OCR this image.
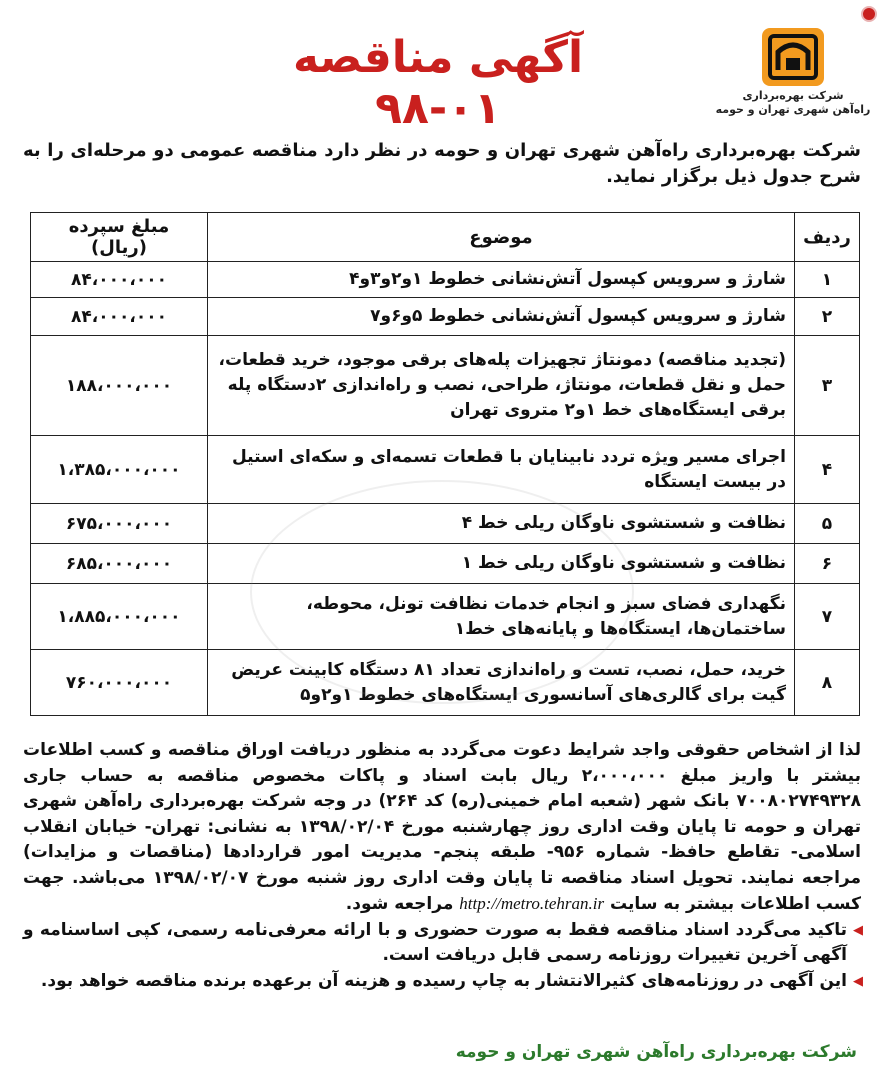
شرکت بهره‌برداری
راه‌آهن شهری تهران و حومه
آگهی مناقصه ۰۱-۹۸
شرکت بهره‌برداری راه‌آهن شهری تهران و حومه در نظر دارد مناقصه عمومی دو مرحله‌ای را به شرح جدول ذیل برگزار نماید.
ردیف	موضوع	مبلغ سپرده (ریال)
۱	شارژ و سرویس کپسول آتش‌نشانی خطوط ۱و۲و۳و۴	۸۴،۰۰۰،۰۰۰
۲	شارژ و سرویس کپسول آتش‌نشانی خطوط ۵و۶و۷	۸۴،۰۰۰،۰۰۰
۳	(تجدید مناقصه) دمونتاژ تجهیزات پله‌های برقی موجود، خرید قطعات، حمل و نقل قطعات، مونتاژ، طراحی، نصب و راه‌اندازی ۲دستگاه پله برقی ایستگاه‌های خط ۱و۲ متروی تهران	۱۸۸،۰۰۰،۰۰۰
۴	اجرای مسیر ویژه تردد نابینایان با قطعات تسمه‌ای و سکه‌ای استیل در بیست ایستگاه	۱،۳۸۵،۰۰۰،۰۰۰
۵	نظافت و شستشوی ناوگان ریلی خط ۴	۶۷۵،۰۰۰،۰۰۰
۶	نظافت و شستشوی ناوگان ریلی خط ۱	۶۸۵،۰۰۰،۰۰۰
۷	نگهداری فضای سبز و انجام خدمات نظافت تونل، محوطه، ساختمان‌ها، ایستگاه‌ها و پایانه‌های خط۱	۱،۸۸۵،۰۰۰،۰۰۰
۸	خرید، حمل، نصب، تست و راه‌اندازی تعداد ۸۱ دستگاه کابینت عریض گیت برای گالری‌های آسانسوری ایستگاه‌های خطوط ۱و۲و۵	۷۶۰،۰۰۰،۰۰۰

لذا از اشخاص حقوقی واجد شرایط دعوت می‌گردد به منظور دریافت اوراق مناقصه و کسب اطلاعات بیشتر با واریز مبلغ ۲،۰۰۰،۰۰۰ ریال بابت اسناد و پاکات مخصوص مناقصه به حساب جاری ۷۰۰۸۰۲۷۴۹۳۲۸ بانک شهر (شعبه امام خمینی(ره) کد ۲۶۴) در وجه شرکت بهره‌برداری راه‌آهن شهری تهران و حومه تا پایان وقت اداری روز چهارشنبه مورخ ۱۳۹۸/۰۲/۰۴ به نشانی: تهران- خیابان انقلاب اسلامی- تقاطع حافظ- شماره ۹۵۶- طبقه پنجم- مدیریت امور قراردادها (مناقصات و مزایدات) مراجعه نمایند. تحویل اسناد مناقصه تا پایان وقت اداری روز شنبه مورخ ۱۳۹۸/۰۲/۰۷ می‌باشد. جهت کسب اطلاعات بیشتر به سایت http://metro.tehran.ir مراجعه شود.

◀
تاکید می‌گردد اسناد مناقصه فقط به صورت حضوری و با ارائه معرفی‌نامه رسمی، کپی اساسنامه و آگهی آخرین تغییرات روزنامه رسمی قابل دریافت است.

◀
این آگهی در روزنامه‌های کثیرالانتشار به چاپ رسیده و هزینه آن برعهده برنده مناقصه خواهد بود.

شرکت بهره‌برداری راه‌آهن شهری تهران و حومه
